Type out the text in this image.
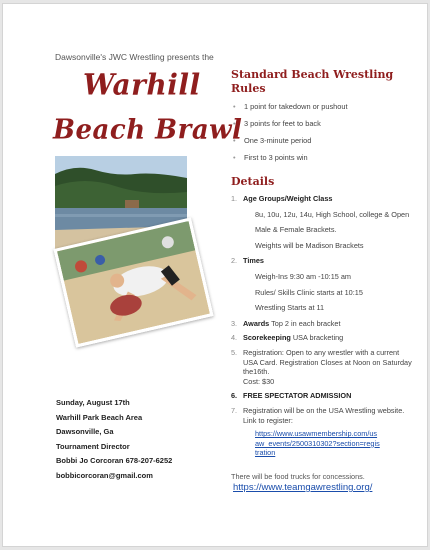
Dawsonville's JWC Wrestling presents the
Warhill
Beach Brawl
Sunday, August 17th
Warhill Park Beach Area
Dawsonville, Ga
Tournament Director
Bobbi Jo Corcoran 678-207-6252
bobbicorcoran@gmail.com
Standard Beach Wrestling Rules
• 1 point for takedown or pushout
• 3 points for feet to back
• One 3-minute period
• First to 3 points win
Details
1. Age Groups/Weight Class
8u, 10u, 12u, 14u, High School, college & Open
Male & Female Brackets.
Weights will be Madison Brackets
2. Times
Weigh-Ins 9:30 am -10:15 am
Rules/ Skills Clinic starts at 10:15
Wrestling Starts at 11
3. Awards Top 2 in each bracket
4. Scorekeeping USA bracketing
5. Registration: Open to any wrestler with a current USA Card. Registration Closes at Noon on Saturday the16th.
Cost: $30
6. FREE SPECTATOR ADMISSION
7. Registration will be on the USA Wrestling website. Link to register:
https://www.usawmembership.com/usaw_events/2500310302?section=registration
There will be food trucks for concessions.
https://www.teamgawrestling.org/
